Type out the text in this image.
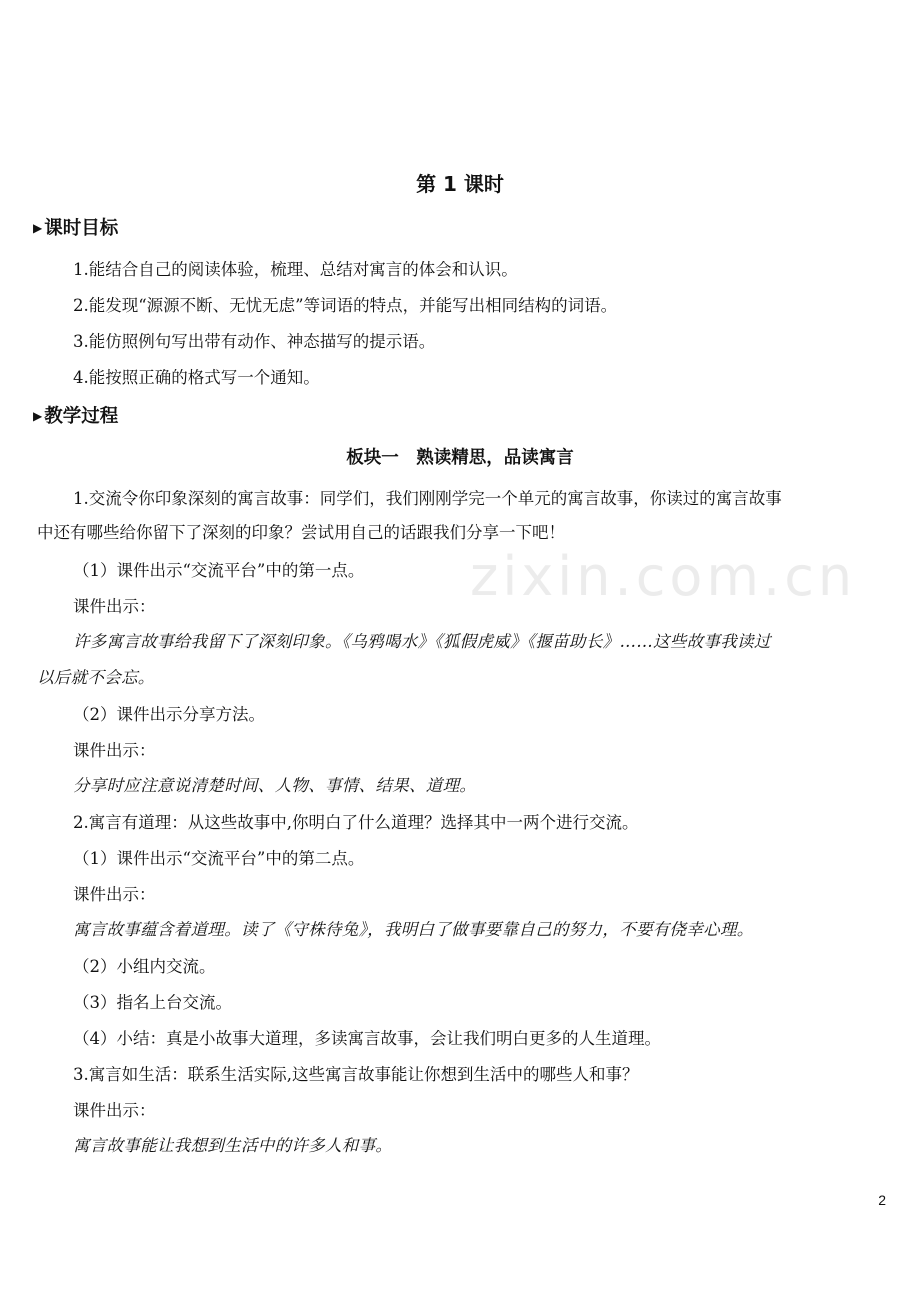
zixin.com.cn
第 1 课时
▶ 课时目标
1.能结合自己的阅读体验，梳理、总结对寓言的体会和认识。
2.能发现“源源不断、无忧无虑”等词语的特点，并能写出相同结构的词语。
3.能仿照例句写出带有动作、神态描写的提示语。
4.能按照正确的格式写一个通知。
▶ 教学过程
板块一　熟读精思，品读寓言
1.交流令你印象深刻的寓言故事：同学们，我们刚刚学完一个单元的寓言故事，你读过的寓言故事
中还有哪些给你留下了深刻的印象？尝试用自己的话跟我们分享一下吧！
（1）课件出示“交流平台”中的第一点。
课件出示：
许多寓言故事给我留下了深刻印象。《乌鸦喝水》《狐假虎威》《揠苗助长》……这些故事我读过
以后就不会忘。
（2）课件出示分享方法。
课件出示：
分享时应注意说清楚时间、人物、事情、结果、道理。
2.寓言有道理：从这些故事中,你明白了什么道理？选择其中一两个进行交流。
（1）课件出示“交流平台”中的第二点。
课件出示：
寓言故事蕴含着道理。读了《守株待兔》，我明白了做事要靠自己的努力，不要有侥幸心理。
（2）小组内交流。
（3）指名上台交流。
（4）小结：真是小故事大道理，多读寓言故事，会让我们明白更多的人生道理。
3.寓言如生活：联系生活实际,这些寓言故事能让你想到生活中的哪些人和事？
课件出示：
寓言故事能让我想到生活中的许多人和事。
2
